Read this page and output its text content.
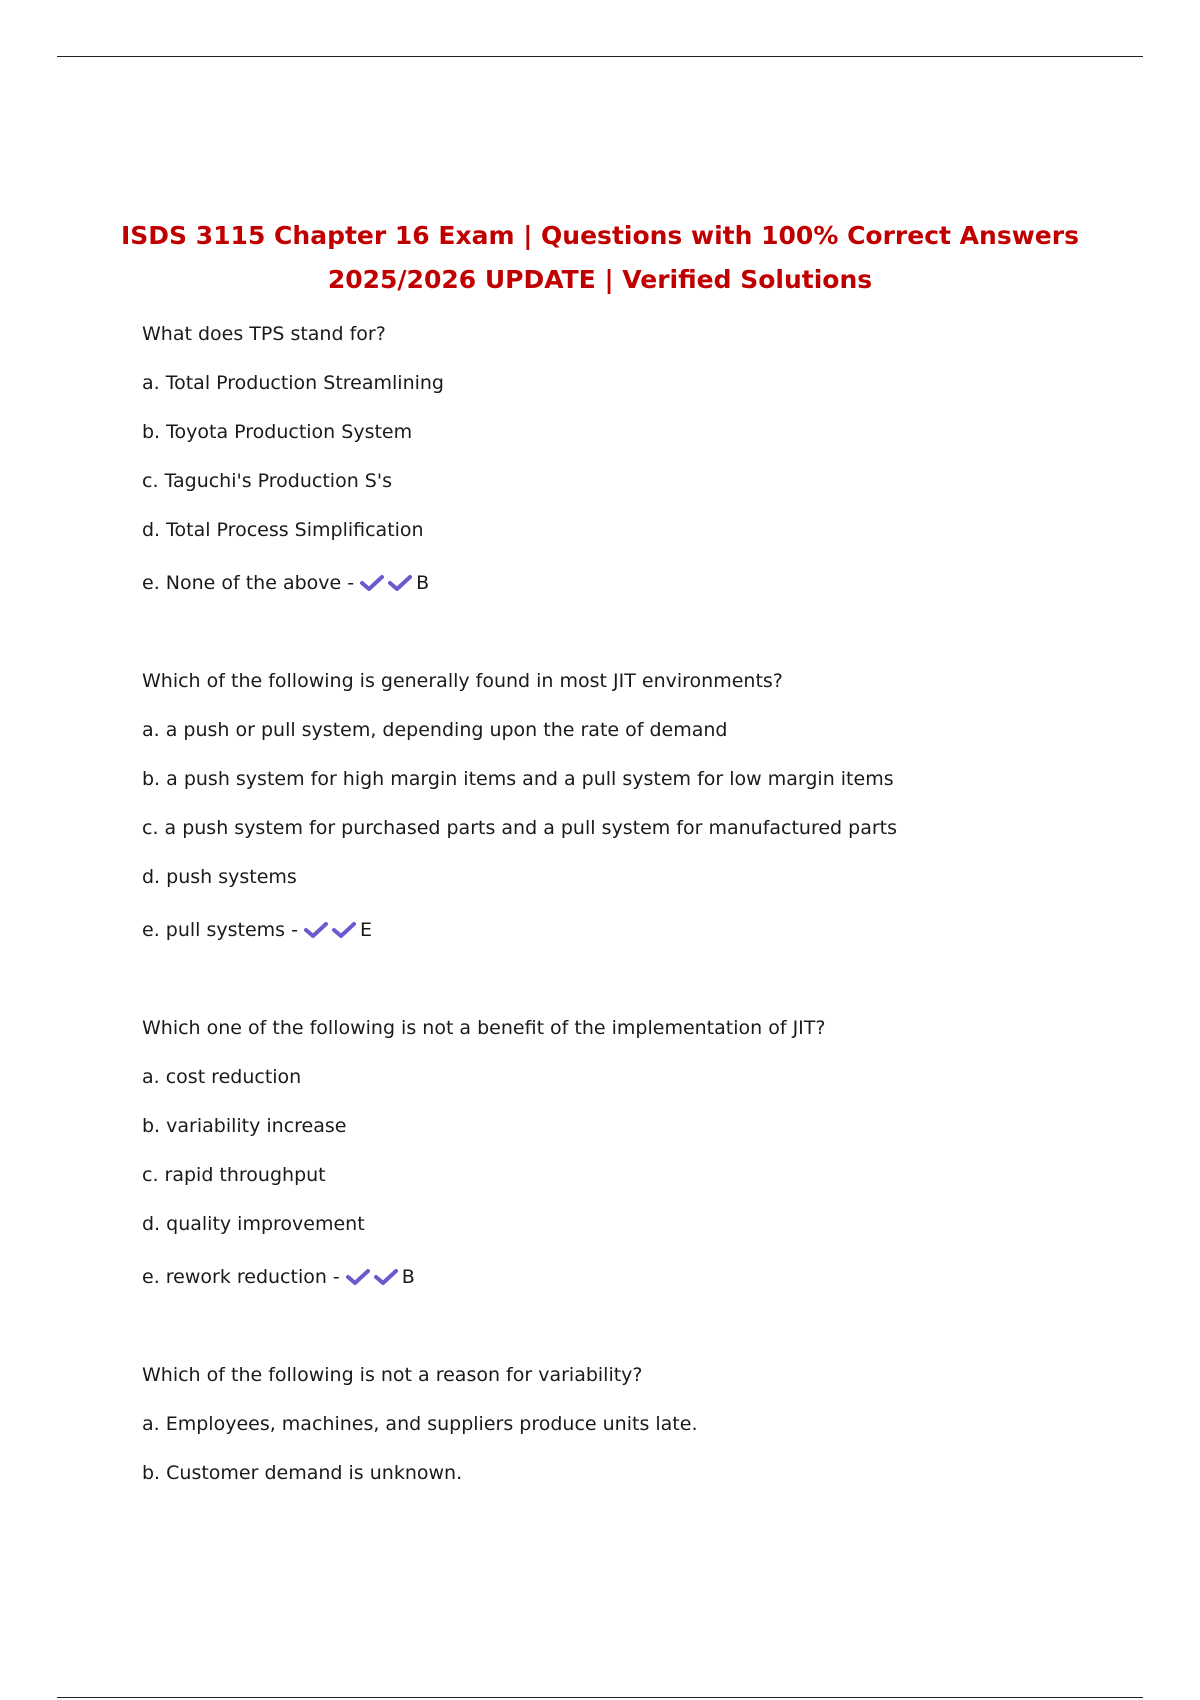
ISDS 3115 Chapter 16 Exam | Questions with 100% Correct Answers
2025/2026 UPDATE | Verified Solutions
What does TPS stand for?
a. Total Production Streamlining
b. Toyota Production System
c. Taguchi's Production S's
d. Total Process Simplification
e. None of the above -	B
Which of the following is generally found in most JIT environments?
a. a push or pull system, depending upon the rate of demand
b. a push system for high margin items and a pull system for low margin items
c. a push system for purchased parts and a pull system for manufactured parts
d. push systems
e. pull systems -	E
Which one of the following is not a benefit of the implementation of JIT?
a. cost reduction
b. variability increase
c. rapid throughput
d. quality improvement
e. rework reduction -	B
Which of the following is not a reason for variability?
a. Employees, machines, and suppliers produce units late.
b. Customer demand is unknown.
